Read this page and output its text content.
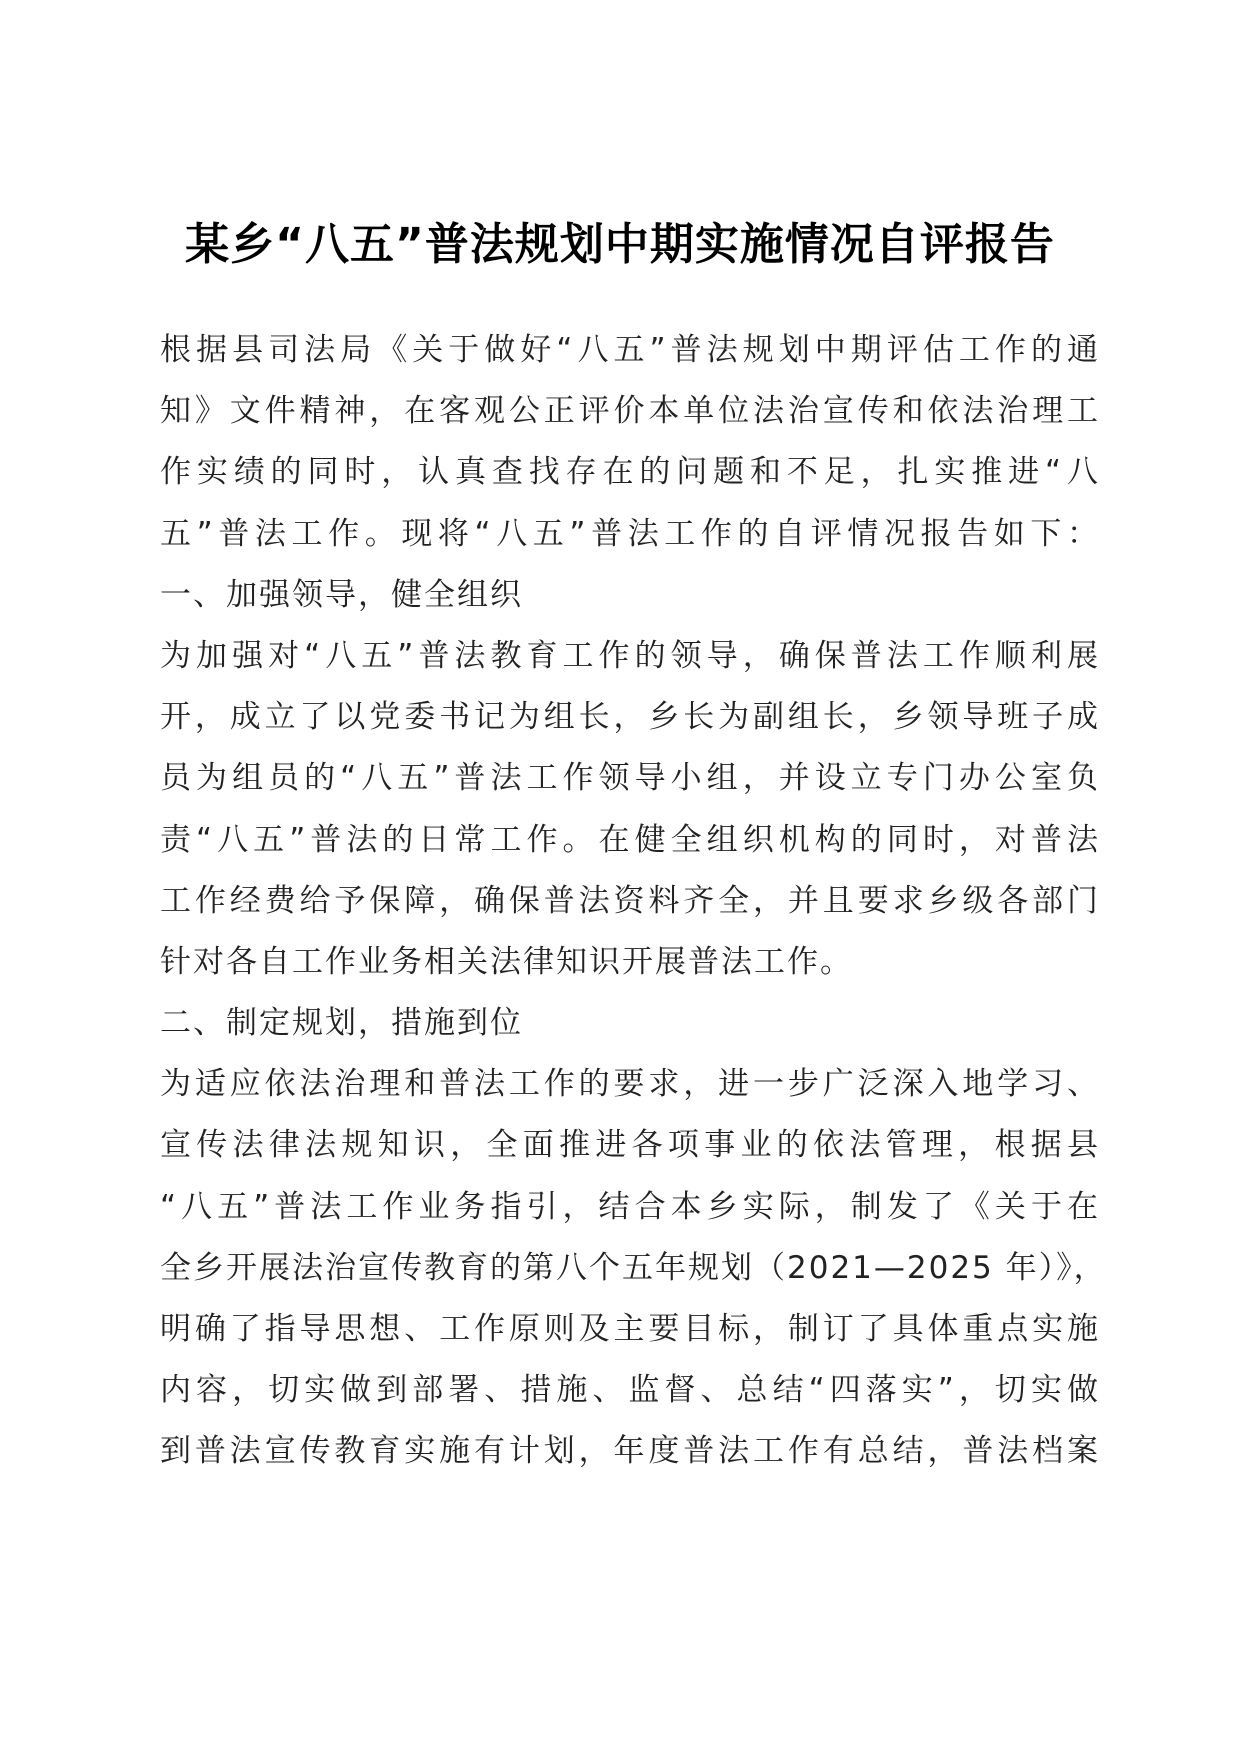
某乡“八五”普法规划中期实施情况自评报告
根据县司法局《关于做好“八五”普法规划中期评估工作的通
知》文件精神，在客观公正评价本单位法治宣传和依法治理工
作实绩的同时，认真查找存在的问题和不足，扎实推进“八
五”普法工作。现将“八五”普法工作的自评情况报告如下：
一、加强领导，健全组织
为加强对“八五”普法教育工作的领导，确保普法工作顺利展
开，成立了以党委书记为组长，乡长为副组长，乡领导班子成
员为组员的“八五”普法工作领导小组，并设立专门办公室负
责“八五”普法的日常工作。在健全组织机构的同时，对普法
工作经费给予保障，确保普法资料齐全，并且要求乡级各部门
针对各自工作业务相关法律知识开展普法工作。
二、制定规划，措施到位
为适应依法治理和普法工作的要求，进一步广泛深入地学习、
宣传法律法规知识，全面推进各项事业的依法管理，根据县
“八五”普法工作业务指引，结合本乡实际，制发了《关于在
全乡开展法治宣传教育的第八个五年规划（2021—2025 年）》，
明确了指导思想、工作原则及主要目标，制订了具体重点实施
内容，切实做到部署、措施、监督、总结“四落实”，切实做
到普法宣传教育实施有计划，年度普法工作有总结，普法档案
